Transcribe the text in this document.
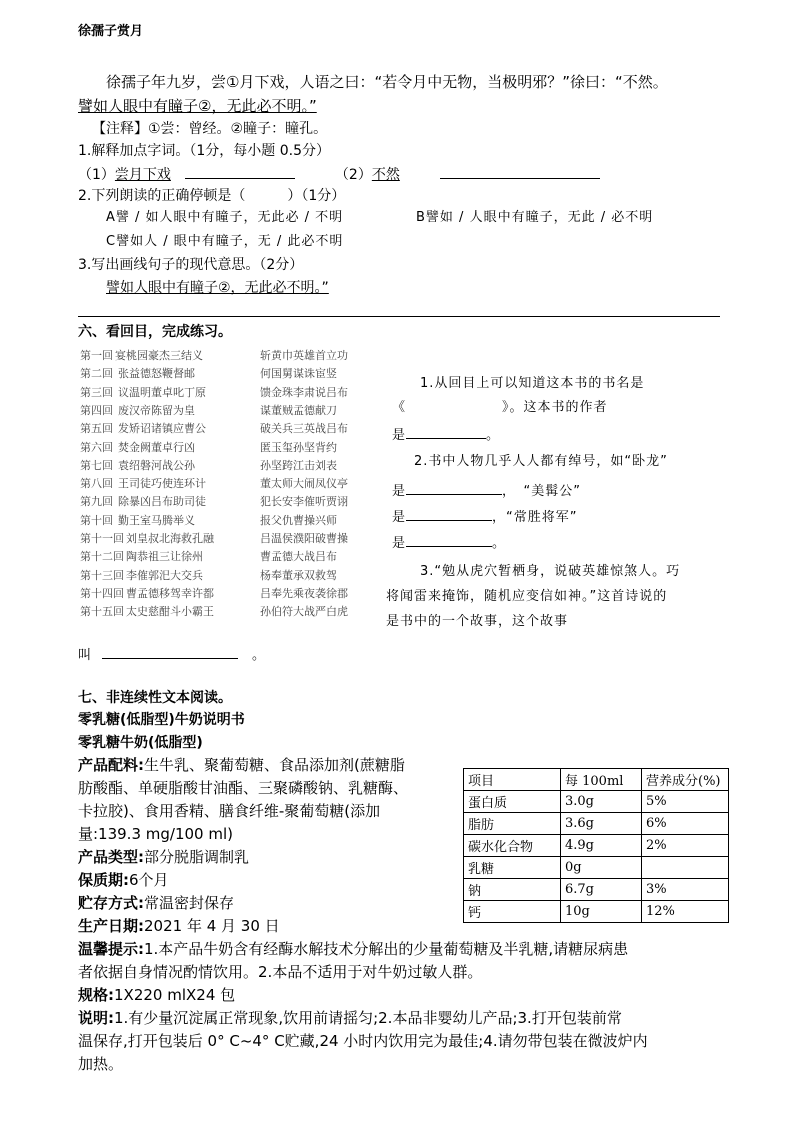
徐孺子赏月
徐孺子年九岁，尝①月下戏，人语之曰：“若令月中无物，当极明邪？”徐曰：“不然。
譬如人眼中有瞳子②，无此必不明。”
【注释】①尝：曾经。②瞳子：瞳孔。
1.解释加点字词。（1分，每小题 0.5分）
（1）尝月下戏	（2）不然
2.下列朗读的正确停顿是（　　　）（1分）
A譬 / 如人眼中有瞳子，无此必 / 不明	B譬如 / 人眼中有瞳子，无此 / 必不明
C譬如人 / 眼中有瞳子，无 / 此必不明
3.写出画线句子的现代意思。（2分）
譬如人眼中有瞳子②，无此必不明。”
六、看回目，完成练习。
第一回 宴桃园豪杰三结义	斩黄巾英雄首立功
第二回 张益德怒鞭督邮	何国舅谋诛宦竖
第三回 议温明董卓叱丁原	馈金珠李肃说吕布
第四回 废汉帝陈留为皇	谋董贼孟德献刀
第五回 发矫诏诸镇应曹公	破关兵三英战吕布
第六回 焚金阙董卓行凶	匿玉玺孙坚背约
第七回 袁绍磐河战公孙	孙坚跨江击刘表
第八回 王司徒巧使连环计	董太师大闹凤仪亭
第九回 除暴凶吕布助司徒	犯长安李傕听贾诩
第十回 勤王室马腾举义	报父仇曹操兴师
第十一回 刘皇叔北海救孔融	吕温侯濮阳破曹操
第十二回 陶恭祖三让徐州	曹孟德大战吕布
第十三回 李傕郭汜大交兵	杨奉董承双救驾
第十四回 曹孟德移驾幸许都	吕奉先乘夜袭徐郡
第十五回 太史慈酣斗小霸王	孙伯符大战严白虎
1.从回目上可以知道这本书的书名是
《	》。这本书的作者
是	。
2.书中人物几乎人人都有绰号，如“卧龙”
是	，　“美髯公”
是	，“常胜将军”
是	。
3.“勉从虎穴暂栖身，说破英雄惊煞人。巧
将闻雷来掩饰，随机应变信如神。”这首诗说的
是书中的一个故事，这个故事
叫	。
七、非连续性文本阅读。
零乳糖(低脂型)牛奶说明书
零乳糖牛奶(低脂型)
产品配料:生牛乳、聚葡萄糖、食品添加剂(蔗糖脂
肪酸酯、单硬脂酸甘油酯、三聚磷酸钠、乳糖酶、
卡拉胶)、食用香精、膳食纤维-聚葡萄糖(添加
量:139.3 mg/100 ml)
产品类型:部分脱脂调制乳
保质期:6个月
贮存方式:常温密封保存
生产日期:2021 年 4 月 30 日
温馨提示:1.本产品牛奶含有经酶水解技术分解出的少量葡萄糖及半乳糖,请糖尿病患
者依据自身情况酌情饮用。2.本品不适用于对牛奶过敏人群。
规格:1X220 mlX24 包
说明:1.有少量沉淀属正常现象,饮用前请摇匀;2.本品非婴幼儿产品;3.打开包装前常
温保存,打开包装后 0° C~4° C贮藏,24 小时内饮用完为最佳;4.请勿带包装在微波炉内
加热。
项目	每 100ml	营养成分(%)
蛋白质	3.0g	5%
脂肪	3.6g	6%
碳水化合物	4.9g	2%
乳糖	0g	
钠	6.7g	3%
钙	10g	12%
